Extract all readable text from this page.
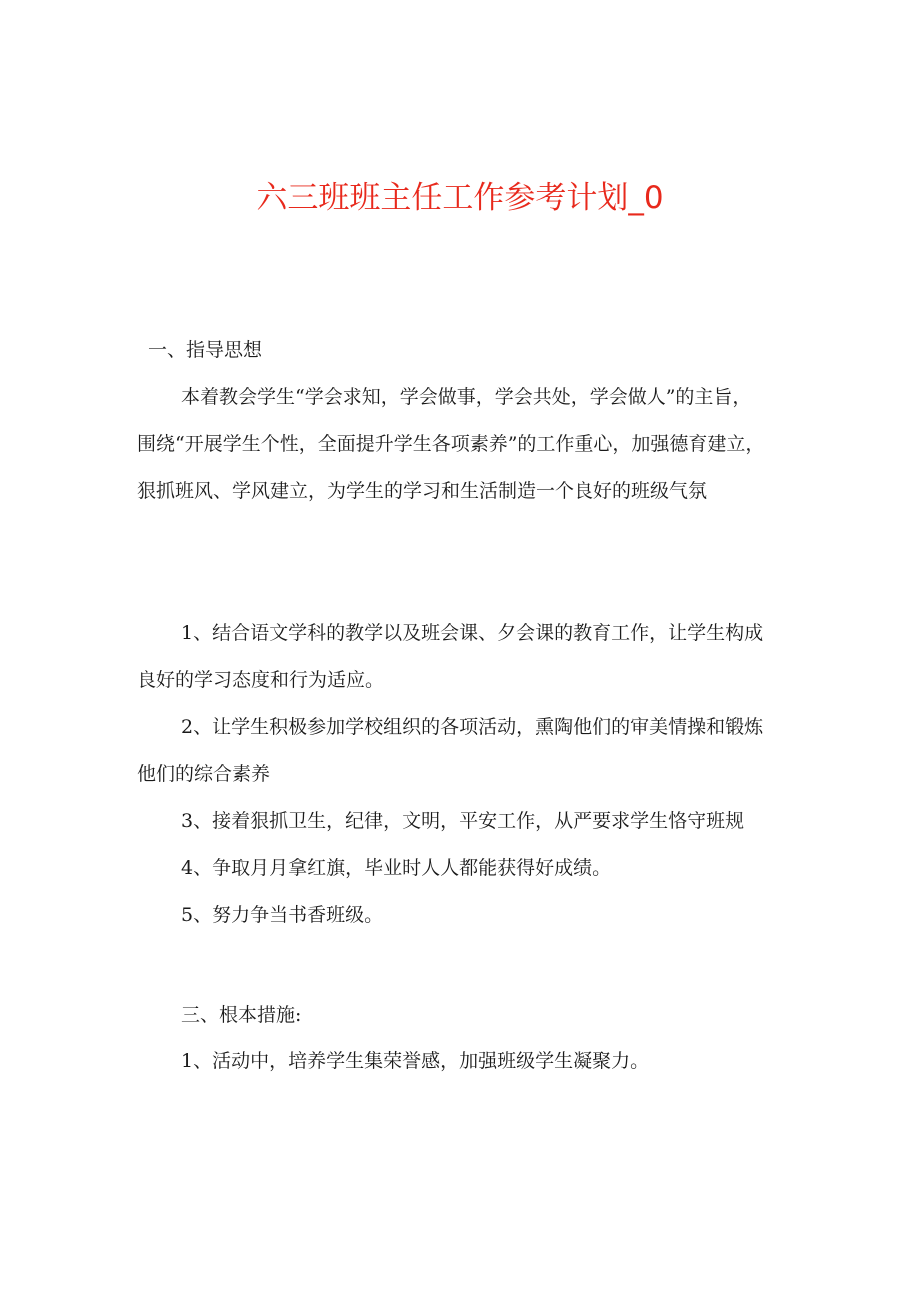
六三班班主任工作参考计划_0

一、指导思想

本着教会学生“学会求知，学会做事，学会共处，学会做人”的主旨，

围绕“开展学生个性，全面提升学生各项素养”的工作重心，加强德育建立，

狠抓班风、学风建立，为学生的学习和生活制造一个良好的班级气氛

1、结合语文学科的教学以及班会课、夕会课的教育工作，让学生构成

良好的学习态度和行为适应。

2、让学生积极参加学校组织的各项活动，熏陶他们的审美情操和锻炼

他们的综合素养

3、接着狠抓卫生，纪律，文明，平安工作，从严要求学生恪守班规

4、争取月月拿红旗，毕业时人人都能获得好成绩。

5、努力争当书香班级。

三、根本措施:

1、活动中，培养学生集荣誉感，加强班级学生凝聚力。
